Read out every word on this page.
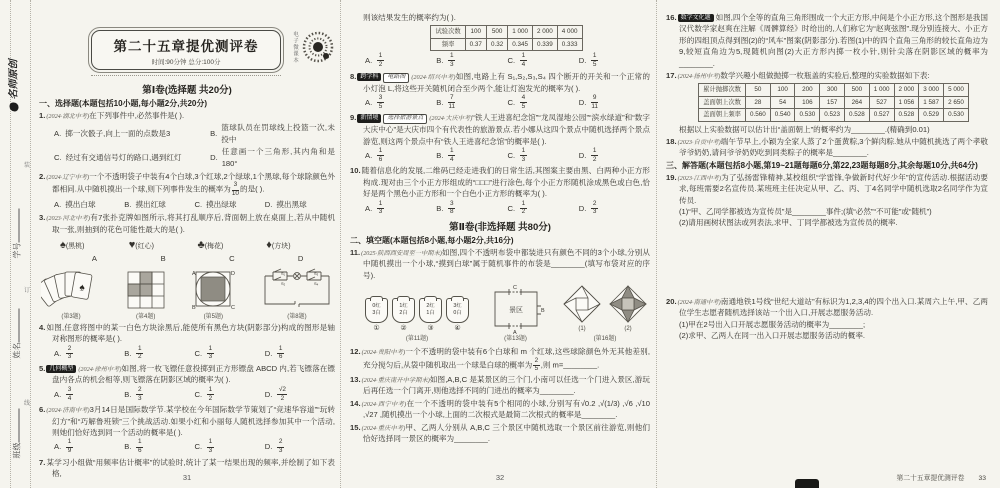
名师原创
学号
姓名
班级
装
订
线
第二十五章提优测评卷
时间:90分钟 总分:100分	电子微课本
第Ⅰ卷(选择题 共20分)
一、选择题(本题包括10小题,每小题2分,共20分)
1.(2024·湖北中考)在下列事件中,必然事件是( ).
A. 掷一次骰子,向上一面的点数是3	B.
篮球队员在罚球线上投篮一次,未投中
C. 经过有交通信号灯的路口,遇到红灯	D.
任意画一个三角形,其内角和是180°
2.(2024·辽宁中考)一个不透明袋子中装有4个白球,3个红球,2个绿球,1个黑球,每个球除颜色外都相同.从中随机摸出一个球,则下列事件发生的概率为 $\frac{3}{10}$ 的是( ).
A. 摸出白球	B. 摸出红球	C. 摸出绿球	D. 摸出黑球
3.(2023·河北中考)有7张扑克牌如图所示,将其打乱顺序后,背面朝上放在桌面上,若从中随机取一张,则抽到的花色可能性最大的是( ).
♠(黑桃)	♥(红心)	♣(梅花)	♦(方块)
A	B	C	D
♠
(第3题)	(第4题)
A	D
B	C
(第5题)
S₁
S₂
S₃
S₄
(第8题)
4.如图,任意将图中的某一白色方块涂黑后,能使所有黑色方块(阴影部分)构成的图形是轴对称图形的概率是( ).
A.
2
3	B.
1
2	C.
1
3	D.
1
6
5. 几何概型 (2024·徐州中考)如图,将一枚飞镖任意投掷到正方形镖盘 ABCD 内,若飞镖落在镖盘内各点的机会相等,则飞镖落在阴影区域的概率为( ).
A.
3
4	B.
2
3	C.
1
2	D.
√2
2
6.(2024·济南中考)3月14日是国际数学节.某学校在今年国际数学节策划了“竞速华容道”“玩转幻方”和“巧解鲁班锁”三个挑战活动.如果小红和小丽每人随机选择参加其中一个活动,则她们恰好选到同一个活动的概率是( ).
A.
1
9	B.
1
6	C.
1
3	D.
2
3
7.某学习小组做“用频率估计概率”的试验时,统计了某一结果出现的频率,并绘制了如下表格,	31
则该结果发生的概率约为( ).
试验次数	100	500	1 000	2 000	4 000
频率	0.37	0.32	0.345	0.339	0.333
A.
1
2	B.
1
3	C.
1
4	D.
1
5
8. 跨学科 电路图 (2024·绍兴中考)如图,电路上有 S₁,S₂,S₃,S₄ 四个断开的开关和一个正常的小灯泡 L,将这些开关随机闭合至少两个,能让灯泡发光的概率为( ).
A.
3
5	B.
7
11	C.
4
5	D.
9
11
9. 新情境 选择旅游景点 (2024·大庆中考)“铁人王进喜纪念馆”“龙凤湿地公园”“滨水绿道”和“数字大庆中心”是大庆市四个有代表性的旅游景点.若小娜从这四个景点中随机选择两个景点游览,则这两个景点中有“铁人王进喜纪念馆”的概率是( ).
A.
1
6	B.
1
4	C.
1
3	D.
1
2
10.随着信息化的发展,二维码已经走进我们的日常生活,其图案主要由黑、白两种小正方形构成.现对由三个小正方形组成的“□□□”进行涂色,每个小正方形随机涂成黑色或白色,恰好是两个黑色小正方形和一个白色小正方形的概率为( ).
A.
1
3	B.
3
8	C.
1
2	D.
2
3
第Ⅱ卷(非选择题 共80分)
二、填空题(本题包括8小题,每小题2分,共16分)
11.(2025·陕西西安周至一中期末)如图,四个不透明布袋中都装进只有颜色不同的3个小球,分别从中随机摸出一个小球,“摸到白球”属于随机事件的布袋是________(填写布袋对应的序号).
0红
3白
①
1红
2白
②
2红
1白
③
3红
0白
④
(第11题)
C
B
A
景区
(第13题)
(1)	(2)
(第16题)
12.(2024·贵阳中考)一个不透明的袋中装有6个白球和 m 个红球,这些球除颜色外无其他差别,充分搅匀后,从袋中随机取出一个球是白球的概率为 $\frac{2}{5}$ ,则 m=________.
13.(2024·重庆南开中学期末)如图,A,B,C 是某景区的三个门,小南可以任选一个门进入景区,游玩后再任选一个门离开,则他选择不同的门进出的概率为________.
14.(2024·西宁中考)在一个不透明的袋中装有5个相同的小球,分别写有√0.2 ,√(1/3) ,√6 ,√10 ,√27 ,随机摸出一个小球,上面的二次根式是最简二次根式的概率是________.
15.(2024·重庆中考)甲、乙两人分别从 A,B,C 三个景区中随机选取一个景区前往游览,则他们恰好选择同一景区的概率为________.
32
16. 数学文化题 如图,四个全等的直角三角形围成一个大正方形,中间是个小正方形,这个图形是我国汉代数学家赵爽在注解《周髀算经》时给出的,人们称它为“赵爽弦图”.现分别连接大、小正方形的四组顶点得到图(2)的“风车”图案(阴影部分).若图(1)中的四个直角三角形的较长直角边为9,较短直角边为5,现随机向图(2)大正方形内掷一枚小针,则针尖落在阴影区域的概率为________.
17.(2024·扬州中考)数学兴趣小组做抛掷一枚瓶盖的实验后,整理的实验数据如下表:
累计抛掷次数	50	100	200	300	500	1 000	2 000	3 000	5 000
盖面朝上次数	28	54	106	157	264	527	1 056	1 587	2 650
盖面朝上频率	0.560	0.540	0.530	0.523	0.528	0.527	0.528	0.529	0.530
根据以上实验数据可以估计出“盖面朝上”的概率约为________.(精确到0.01)
18.(2023·自贡中考)端午节早上,小颖为全家人蒸了2个蛋黄粽,3个鲜肉粽.她从中随机挑选了两个孝敬爷爷奶奶,请问爷爷奶奶吃到同类粽子的概率是________.
三、解答题(本题包括8小题,第19~21题每题6分,第22,23题每题8分,其余每题10分,共64分)
19.(2023·江西中考)为了弘扬雷锋精神,某校组织“学雷锋,争做新时代好少年”的宣传活动.根据活动要求,每班需要2名宣传员.某班班主任决定从甲、乙、丙、丁4名同学中随机选取2名同学作为宣传员.
(1)“甲、乙同学都被选为宣传员”是________事件;(填“必然”“不可能”或“随机”)
(2)请用画树状图法或列表法,求甲、丁同学都被选为宣传员的概率.
20.(2024·南通中考)南通地铁1号线“世纪大道站”有标识为1,2,3,4的四个出入口.某周六上午,甲、乙两位学生志愿者随机选择该站一个出入口,开展志愿服务活动.
(1)甲在2号出入口开展志愿服务活动的概率为________;
(2)求甲、乙两人在同一出入口开展志愿服务活动的概率.
第二十五章提优测评卷 33
